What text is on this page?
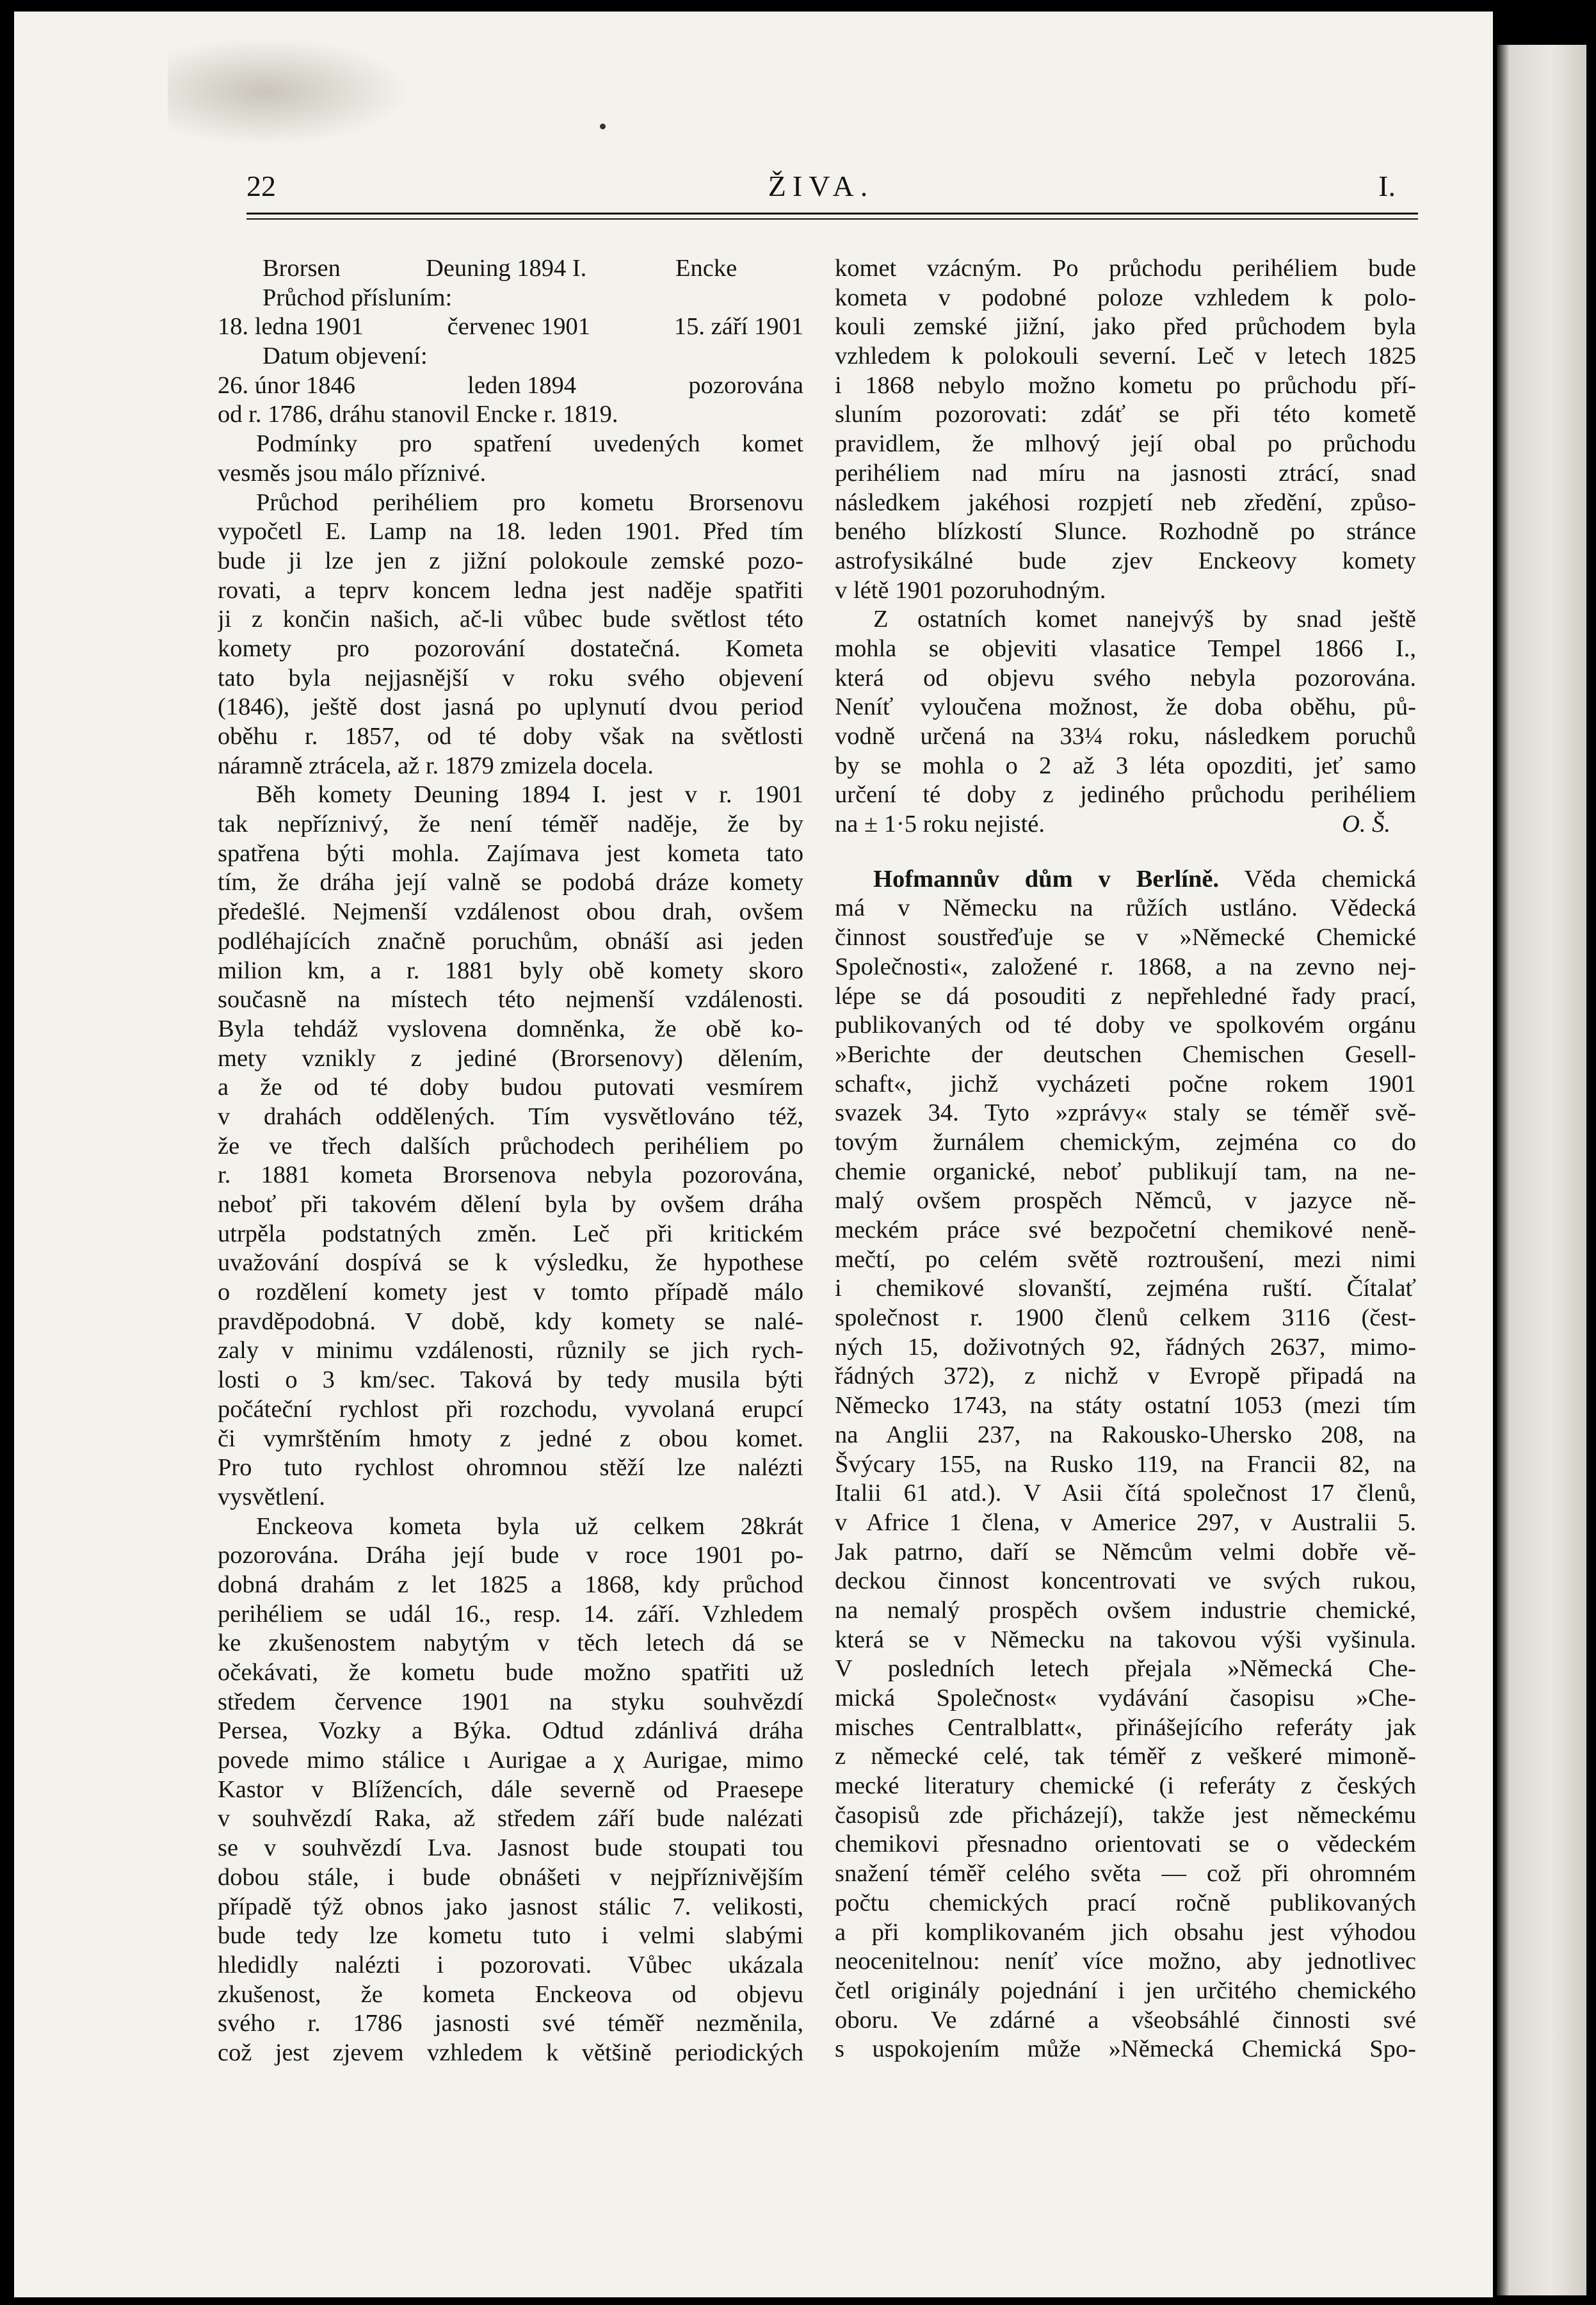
22	ŽIVA.	I.
Brorsen	Deuning 1894 I.	Encke
Průchod přísluním:
18. ledna 1901	červenec 1901	15. září 1901
Datum objevení:
26. únor 1846	leden 1894	pozorována
od r. 1786, dráhu stanovil Encke r. 1819.
Podmínky pro spatření uvedených komet
vesměs jsou málo příznivé.
Průchod perihéliem pro kometu Brorsenovu
vypočetl E. Lamp na 18. leden 1901. Před tím
bude ji lze jen z jižní polokoule zemské pozo-
rovati, a teprv koncem ledna jest naděje spatřiti
ji z končin našich, ač-li vůbec bude světlost této
komety pro pozorování dostatečná. Kometa
tato byla nejjasnější v roku svého objevení
(1846), ještě dost jasná po uplynutí dvou period
oběhu r. 1857, od té doby však na světlosti
náramně ztrácela, až r. 1879 zmizela docela.
Běh komety Deuning 1894 I. jest v r. 1901
tak nepříznivý, že není téměř naděje, že by
spatřena býti mohla. Zajímava jest kometa tato
tím, že dráha její valně se podobá dráze komety
předešlé. Nejmenší vzdálenost obou drah, ovšem
podléhajících značně poruchům, obnáší asi jeden
milion km, a r. 1881 byly obě komety skoro
současně na místech této nejmenší vzdálenosti.
Byla tehdáž vyslovena domněnka, že obě ko-
mety vznikly z jediné (Brorsenovy) dělením,
a že od té doby budou putovati vesmírem
v drahách oddělených. Tím vysvětlováno též,
že ve třech dalších průchodech perihéliem po
r. 1881 kometa Brorsenova nebyla pozorována,
neboť při takovém dělení byla by ovšem dráha
utrpěla podstatných změn. Leč při kritickém
uvažování dospívá se k výsledku, že hypothese
o rozdělení komety jest v tomto případě málo
pravděpodobná. V době, kdy komety se nalé-
zaly v minimu vzdálenosti, různily se jich rych-
losti o 3 km/sec. Taková by tedy musila býti
počáteční rychlost při rozchodu, vyvolaná erupcí
či vymrštěním hmoty z jedné z obou komet.
Pro tuto rychlost ohromnou stěží lze nalézti
vysvětlení.
Enckeova kometa byla už celkem 28krát
pozorována. Dráha její bude v roce 1901 po-
dobná drahám z let 1825 a 1868, kdy průchod
perihéliem se udál 16., resp. 14. září. Vzhledem
ke zkušenostem nabytým v těch letech dá se
očekávati, že kometu bude možno spatřiti už
středem července 1901 na styku souhvězdí
Persea, Vozky a Býka. Odtud zdánlivá dráha
povede mimo stálice ι Aurigae a χ Aurigae, mimo
Kastor v Blížencích, dále severně od Praesepe
v souhvězdí Raka, až středem září bude nalézati
se v souhvězdí Lva. Jasnost bude stoupati tou
dobou stále, i bude obnášeti v nejpříznivějším
případě týž obnos jako jasnost stálic 7. velikosti,
bude tedy lze kometu tuto i velmi slabými
hledidly nalézti i pozorovati. Vůbec ukázala
zkušenost, že kometa Enckeova od objevu
svého r. 1786 jasnosti své téměř nezměnila,
což jest zjevem vzhledem k většině periodických
komet vzácným. Po průchodu perihéliem bude
kometa v podobné poloze vzhledem k polo-
kouli zemské jižní, jako před průchodem byla
vzhledem k polokouli severní. Leč v letech 1825
i 1868 nebylo možno kometu po průchodu pří-
sluním pozorovati: zdáť se při této kometě
pravidlem, že mlhový její obal po průchodu
perihéliem nad míru na jasnosti ztrácí, snad
následkem jakéhosi rozpjetí neb zředění, způso-
beného blízkostí Slunce. Rozhodně po stránce
astrofysikálné bude zjev Enckeovy komety
v létě 1901 pozoruhodným.
Z ostatních komet nanejvýš by snad ještě
mohla se objeviti vlasatice Tempel 1866 I.,
která od objevu svého nebyla pozorována.
Neníť vyloučena možnost, že doba oběhu, pů-
vodně určená na 33¼ roku, následkem poruchů
by se mohla o 2 až 3 léta opozditi, jeť samo
určení té doby z jediného průchodu perihéliem
na ± 1·5 roku nejisté.	O. Š.
Hofmannův dům v Berlíně. Věda chemická
má v Německu na růžích ustláno. Vědecká
činnost soustřeďuje se v »Německé Chemické
Společnosti«, založené r. 1868, a na zevno nej-
lépe se dá posouditi z nepřehledné řady prací,
publikovaných od té doby ve spolkovém orgánu
»Berichte der deutschen Chemischen Gesell-
schaft«, jichž vycházeti počne rokem 1901
svazek 34. Tyto »zprávy« staly se téměř svě-
tovým žurnálem chemickým, zejména co do
chemie organické, neboť publikují tam, na ne-
malý ovšem prospěch Němců, v jazyce ně-
meckém práce své bezpočetní chemikové neně-
mečtí, po celém světě roztroušení, mezi nimi
i chemikové slovanští, zejména ruští. Čítalať
společnost r. 1900 členů celkem 3116 (čest-
ných 15, doživotných 92, řádných 2637, mimo-
řádných 372), z nichž v Evropě připadá na
Německo 1743, na státy ostatní 1053 (mezi tím
na Anglii 237, na Rakousko-Uhersko 208, na
Švýcary 155, na Rusko 119, na Francii 82, na
Italii 61 atd.). V Asii čítá společnost 17 členů,
v Africe 1 člena, v Americe 297, v Australii 5.
Jak patrno, daří se Němcům velmi dobře vě-
deckou činnost koncentrovati ve svých rukou,
na nemalý prospěch ovšem industrie chemické,
která se v Německu na takovou výši vyšinula.
V posledních letech přejala »Německá Che-
mická Společnost« vydávání časopisu »Che-
misches Centralblatt«, přinášejícího referáty jak
z německé celé, tak téměř z veškeré mimoně-
mecké literatury chemické (i referáty z českých
časopisů zde přicházejí), takže jest německému
chemikovi přesnadno orientovati se o vědeckém
snažení téměř celého světa — což při ohromném
počtu chemických prací ročně publikovaných
a při komplikovaném jich obsahu jest výhodou
neocenitelnou: neníť více možno, aby jednotlivec
četl originály pojednání i jen určitého chemického
oboru. Ve zdárné a všeobsáhlé činnosti své
s uspokojením může »Německá Chemická Spo-
